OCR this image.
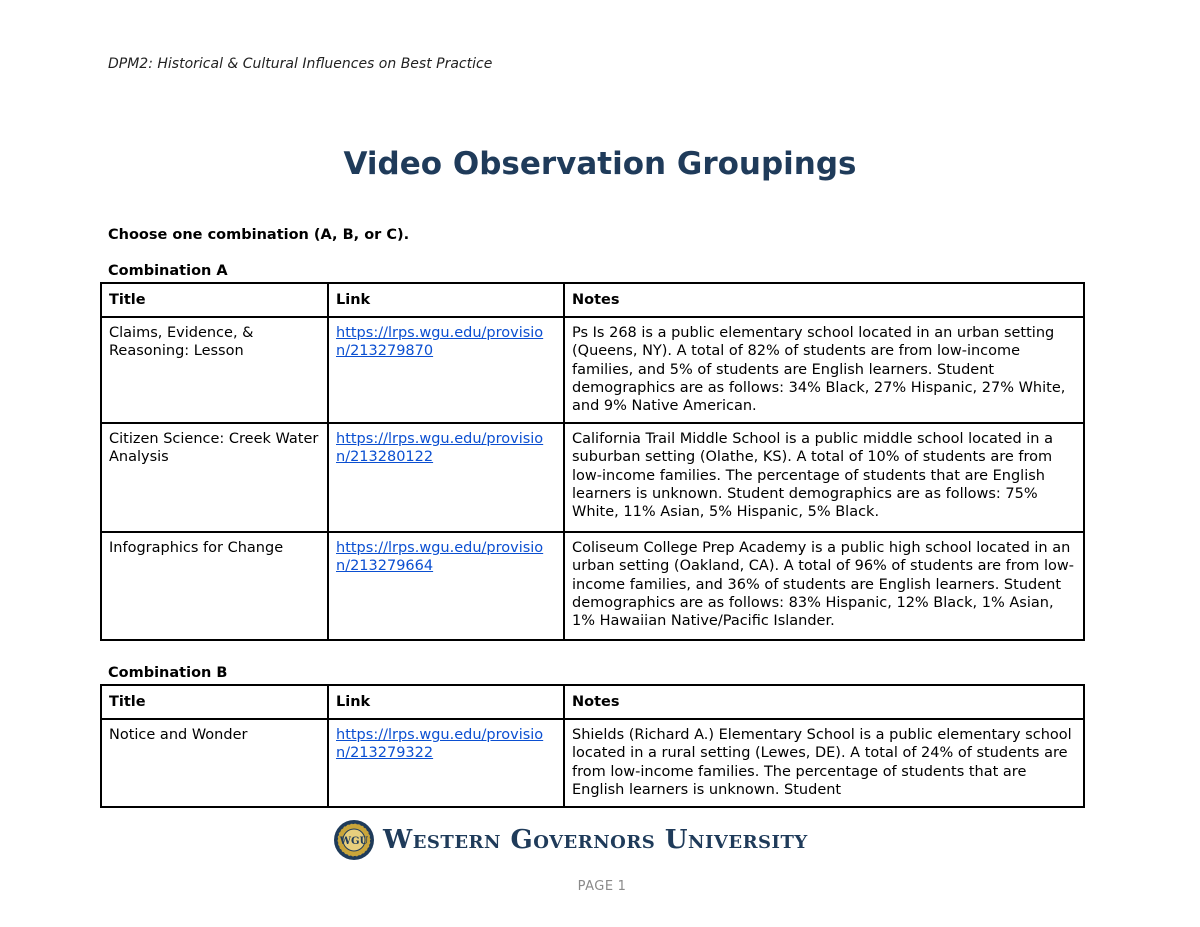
DPM2: Historical & Cultural Influences on Best Practice
Video Observation Groupings
Choose one combination (A, B, or C).
Combination A
Title	Link	Notes
Claims, Evidence, & Reasoning: Lesson	https://lrps.wgu.edu/provision/213279870	Ps Is 268 is a public elementary school located in an urban setting (Queens, NY). A total of 82% of students are from low-income families, and 5% of students are English learners. Student demographics are as follows: 34% Black, 27% Hispanic, 27% White, and 9% Native American.
Citizen Science: Creek Water Analysis	https://lrps.wgu.edu/provision/213280122	California Trail Middle School is a public middle school located in a suburban setting (Olathe, KS). A total of 10% of students are from low-income families. The percentage of students that are English learners is unknown. Student demographics are as follows: 75% White, 11% Asian, 5% Hispanic, 5% Black.
Infographics for Change	https://lrps.wgu.edu/provision/213279664	Coliseum College Prep Academy is a public high school located in an urban setting (Oakland, CA). A total of 96% of students are from low-income families, and 36% of students are English learners. Student demographics are as follows: 83% Hispanic, 12% Black, 1% Asian, 1% Hawaiian Native/Pacific Islander.
Combination B
Title	Link	Notes
Notice and Wonder	https://lrps.wgu.edu/provision/213279322	Shields (Richard A.) Elementary School is a public elementary school located in a rural setting (Lewes, DE). A total of 24% of students are from low-income families. The percentage of students that are English learners is unknown. Student
WGU Western Governors University
PAGE 1
